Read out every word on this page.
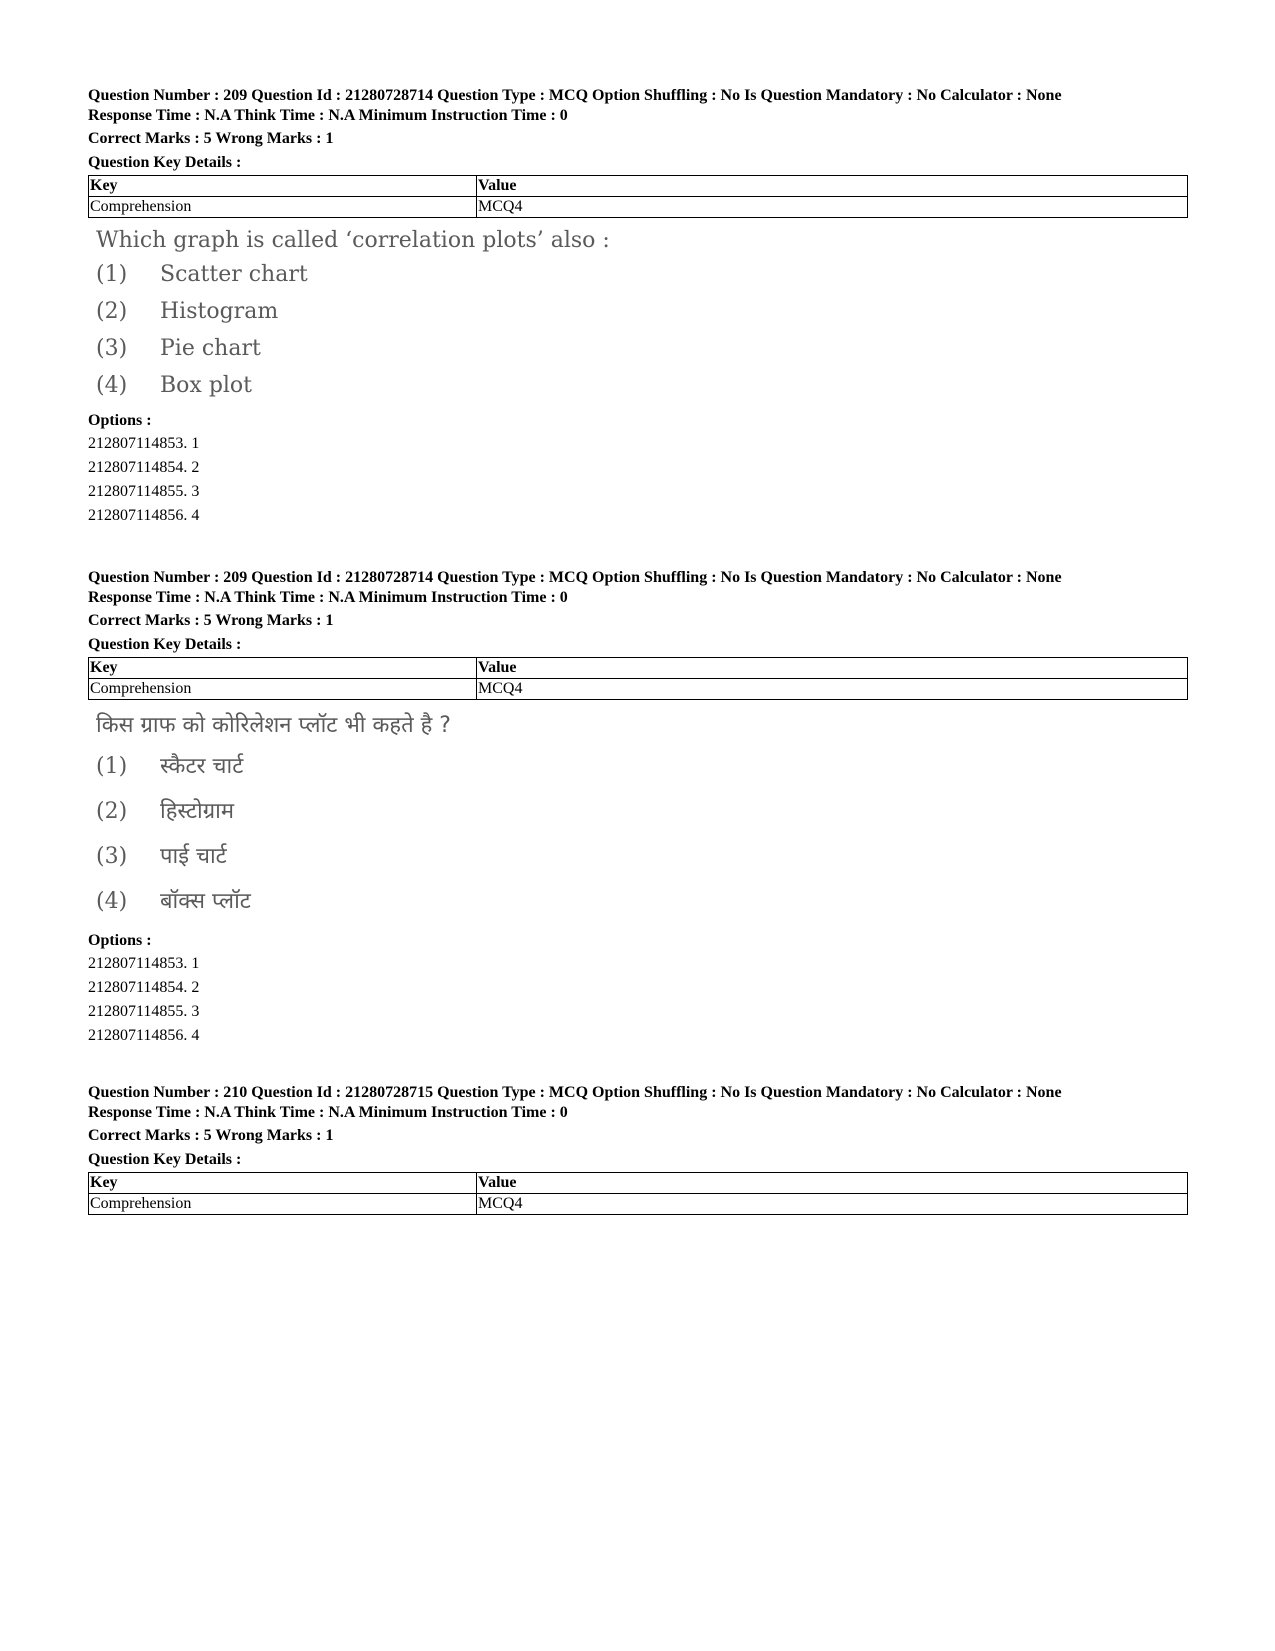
Question Number : 209 Question Id : 21280728714 Question Type : MCQ Option Shuffling : No Is Question Mandatory : No Calculator : None
Response Time : N.A Think Time : N.A Minimum Instruction Time : 0
Correct Marks : 5 Wrong Marks : 1
Question Key Details :
Key	Value
Comprehension	MCQ4
Which graph is called ‘correlation plots’ also :
(1)	Scatter chart
(2)	Histogram
(3)	Pie chart
(4)	Box plot
Options :
212807114853. 1
212807114854. 2
212807114855. 3
212807114856. 4
Question Number : 209 Question Id : 21280728714 Question Type : MCQ Option Shuffling : No Is Question Mandatory : No Calculator : None
Response Time : N.A Think Time : N.A Minimum Instruction Time : 0
Correct Marks : 5 Wrong Marks : 1
Question Key Details :
Key	Value
Comprehension	MCQ4
किस ग्राफ को कोरिलेशन प्लॉट भी कहते है ?
(1)	स्कैटर चार्ट
(2)	हिस्टोग्राम
(3)	पाई चार्ट
(4)	बॉक्स प्लॉट
Options :
212807114853. 1
212807114854. 2
212807114855. 3
212807114856. 4
Question Number : 210 Question Id : 21280728715 Question Type : MCQ Option Shuffling : No Is Question Mandatory : No Calculator : None
Response Time : N.A Think Time : N.A Minimum Instruction Time : 0
Correct Marks : 5 Wrong Marks : 1
Question Key Details :
Key	Value
Comprehension	MCQ4
